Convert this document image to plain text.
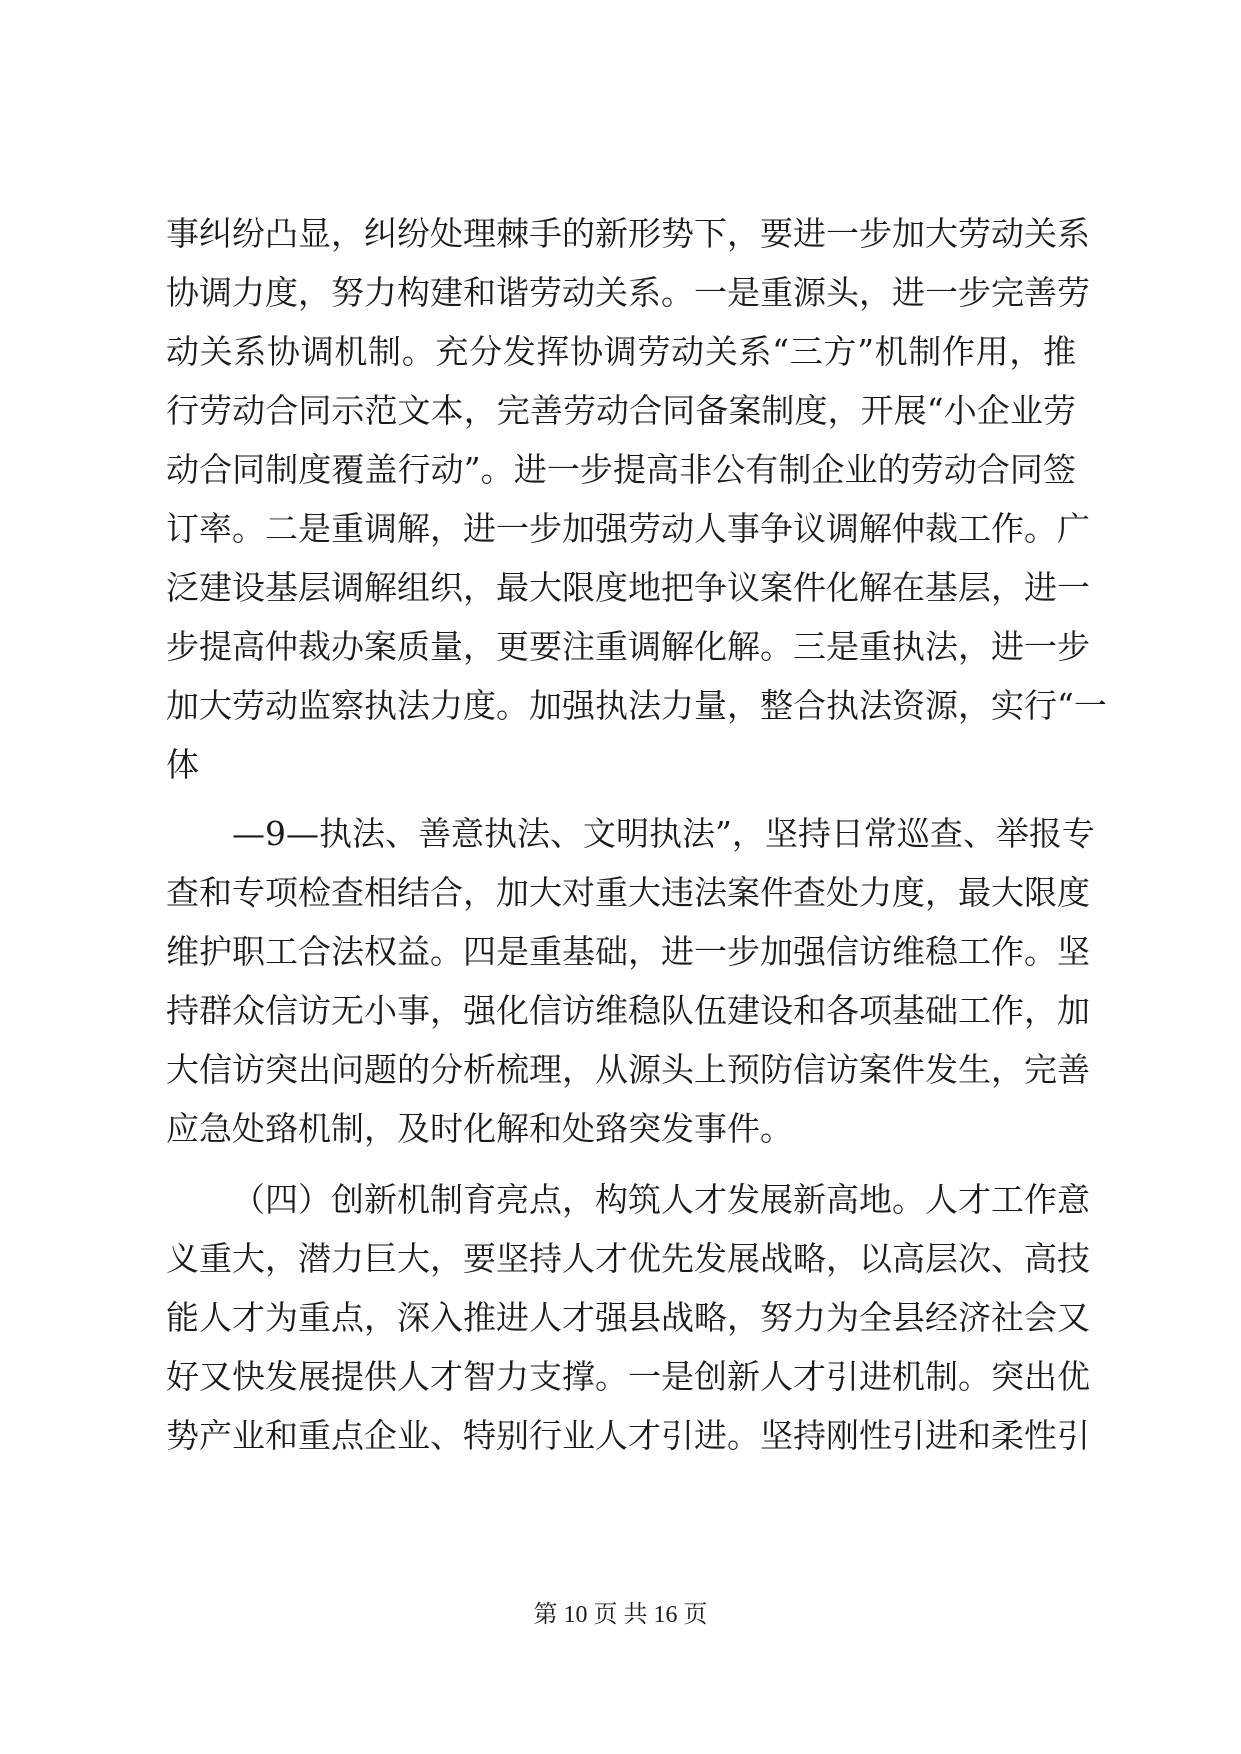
事纠纷凸显，纠纷处理棘手的新形势下，要进一步加大劳动关系
协调力度，努力构建和谐劳动关系。一是重源头，进一步完善劳
动关系协调机制。充分发挥协调劳动关系“三方”机制作用，推
行劳动合同示范文本，完善劳动合同备案制度，开展“小企业劳
动合同制度覆盖行动”。进一步提高非公有制企业的劳动合同签
订率。二是重调解，进一步加强劳动人事争议调解仲裁工作。广
泛建设基层调解组织，最大限度地把争议案件化解在基层，进一
步提高仲裁办案质量，更要注重调解化解。三是重执法，进一步
加大劳动监察执法力度。加强执法力量，整合执法资源，实行“一
体
—9—执法、善意执法、文明执法”，坚持日常巡查、举报专
查和专项检查相结合，加大对重大违法案件查处力度，最大限度
维护职工合法权益。四是重基础，进一步加强信访维稳工作。坚
持群众信访无小事，强化信访维稳队伍建设和各项基础工作，加
大信访突出问题的分析梳理，从源头上预防信访案件发生，完善
应急处臵机制，及时化解和处臵突发事件。
（四）创新机制育亮点，构筑人才发展新高地。人才工作意
义重大，潜力巨大，要坚持人才优先发展战略，以高层次、高技
能人才为重点，深入推进人才强县战略，努力为全县经济社会又
好又快发展提供人才智力支撑。一是创新人才引进机制。突出优
势产业和重点企业、特别行业人才引进。坚持刚性引进和柔性引
第 10 页 共 16 页
